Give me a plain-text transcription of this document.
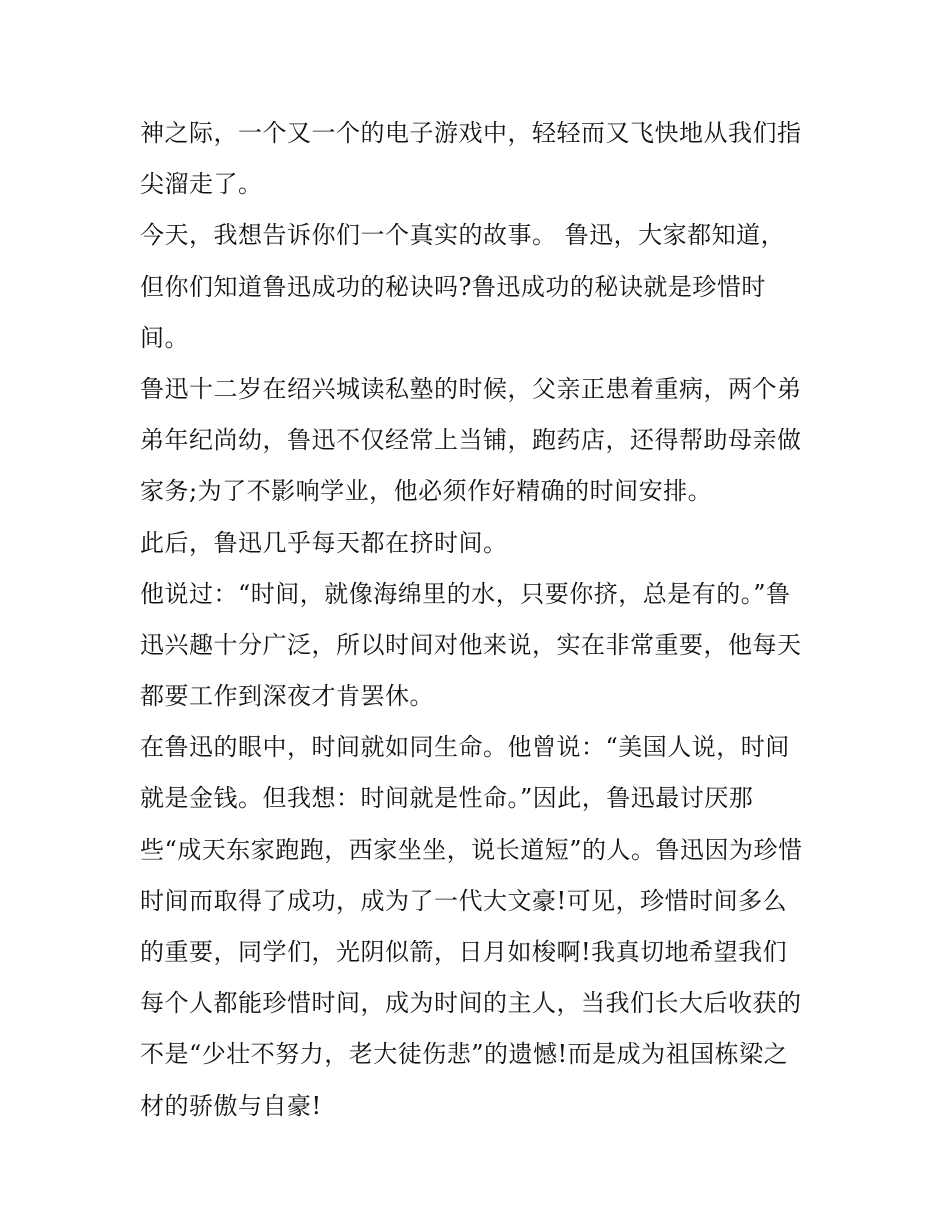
神之际，一个又一个的电子游戏中，轻轻而又飞快地从我们指
尖溜走了。
今天，我想告诉你们一个真实的故事。 鲁迅，大家都知道，
但你们知道鲁迅成功的秘诀吗?鲁迅成功的秘诀就是珍惜时
间。
鲁迅十二岁在绍兴城读私塾的时候，父亲正患着重病，两个弟
弟年纪尚幼，鲁迅不仅经常上当铺，跑药店，还得帮助母亲做
家务;为了不影响学业，他必须作好精确的时间安排。
此后，鲁迅几乎每天都在挤时间。
他说过：“时间，就像海绵里的水，只要你挤，总是有的。”鲁
迅兴趣十分广泛，所以时间对他来说，实在非常重要，他每天
都要工作到深夜才肯罢休。
在鲁迅的眼中，时间就如同生命。他曾说：“美国人说，时间
就是金钱。但我想：时间就是性命。”因此，鲁迅最讨厌那
些“成天东家跑跑，西家坐坐，说长道短”的人。鲁迅因为珍惜
时间而取得了成功，成为了一代大文豪!可见，珍惜时间多么
的重要，同学们，光阴似箭，日月如梭啊!我真切地希望我们
每个人都能珍惜时间，成为时间的主人，当我们长大后收获的
不是“少壮不努力，老大徒伤悲”的遗憾!而是成为祖国栋梁之
材的骄傲与自豪!
